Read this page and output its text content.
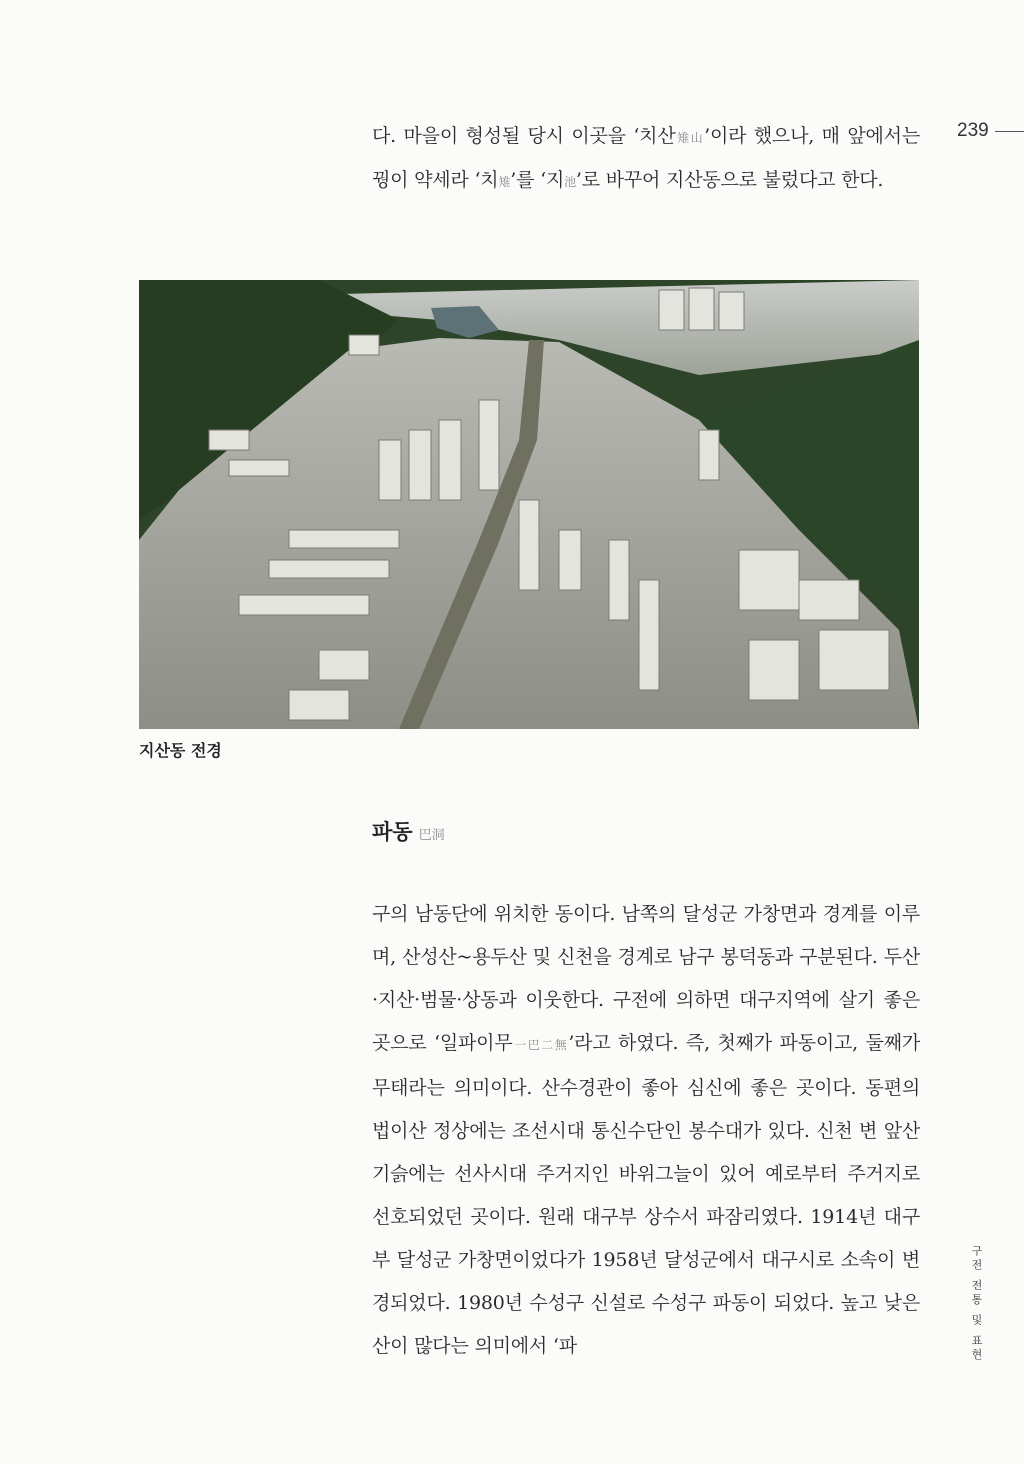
239

다. 마을이 형성될 당시 이곳을 ‘치산雉山’이라 했으나, 매 앞에서는 꿩이 약세라 ‘치雉’를 ‘지池’로 바꾸어 지산동으로 불렀다고 한다.

지산동 전경
파동 巴洞

구의 남동단에 위치한 동이다. 남쪽의 달성군 가창면과 경계를 이루며, 산성산~용두산 및 신천을 경계로 남구 봉덕동과 구분된다. 두산·지산·범물·상동과 이웃한다. 구전에 의하면 대구지역에 살기 좋은 곳으로 ‘일파이무一巴二無’라고 하였다. 즉, 첫째가 파동이고, 둘째가 무태라는 의미이다. 산수경관이 좋아 심신에 좋은 곳이다. 동편의 법이산 정상에는 조선시대 통신수단인 봉수대가 있다. 신천 변 앞산 기슭에는 선사시대 주거지인 바위그늘이 있어 예로부터 주거지로 선호되었던 곳이다. 원래 대구부 상수서 파잠리였다. 1914년 대구부 달성군 가창면이었다가 1958년 달성군에서 대구시로 소속이 변경되었다. 1980년 수성구 신설로 수성구 파동이 되었다. 높고 낮은 산이 많다는 의미에서 ‘파	구전 전통 및 표현
